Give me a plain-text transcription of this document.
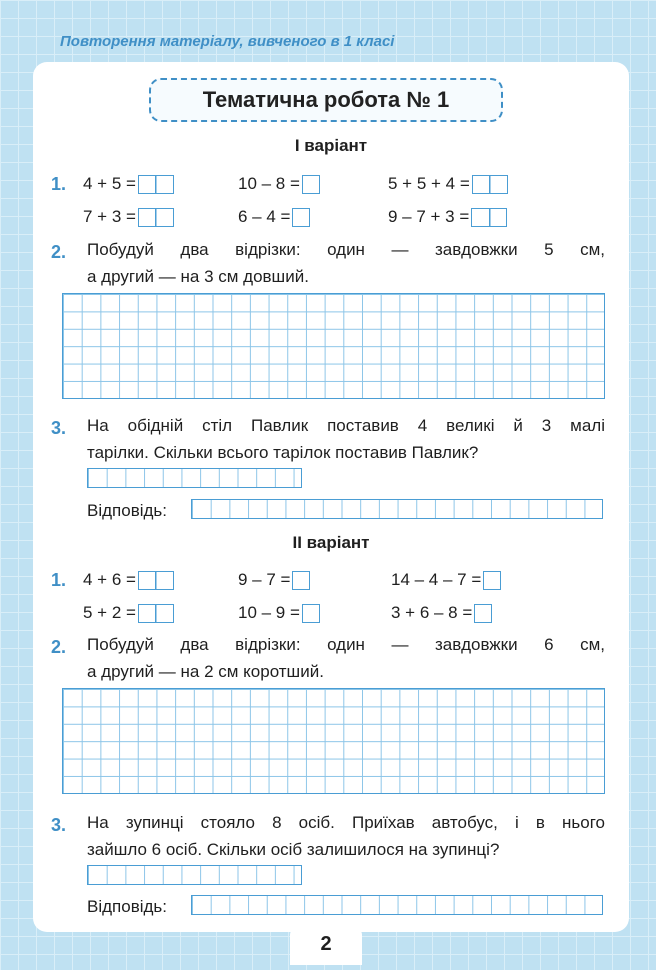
Повторення матеріалу, вивченого в 1 класі
Тематична робота № 1
І варіант
1. 4 + 5 =	10 – 8 =	5 + 5 + 4 =
7 + 3 =	6 – 4 =	9 – 7 + 3 =
2. Побудуй два відрізки: один — завдовжки 5 см,
а другий — на 3 см довший.
3. На обідній стіл Павлик поставив 4 великі й 3 малі
тарілки. Скільки всього тарілок поставив Павлик?
Відповідь:
ІІ варіант
1. 4 + 6 =	9 – 7 =	14 – 4 – 7 =
5 + 2 =	10 – 9 =	3 + 6 – 8 =
2. Побудуй два відрізки: один — завдовжки 6 см,
а другий — на 2 см коротший.
3. На зупинці стояло 8 осіб. Приїхав автобус, і в нього
зайшло 6 осіб. Скільки осіб залишилося на зупинці?
Відповідь:
2
